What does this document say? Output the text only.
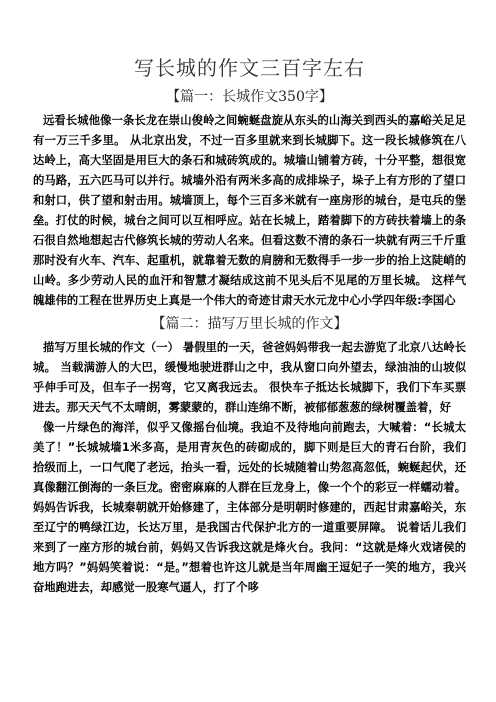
写长城的作文三百字左右
【篇一：长城作文350字】

远看长城他像一条长龙在崇山俊岭之间蜿蜒盘旋从东头的山海关到西头的嘉峪关足足有一万三千多里。 从北京出发，不过一百多里就来到长城脚下。这一段长城修筑在八达岭上，高大坚固是用巨大的条石和城砖筑成的。城墙山铺着方砖，十分平整，想很宽的马路，五六匹马可以并行。城墙外沿有两米多高的成排垛子，垛子上有方形的了望口和射口，供了望和射击用。城墙顶上，每个三百多米就有一座房形的城台，是屯兵的堡垒。打仗的时候，城台之间可以互相呼应。站在长城上，踏着脚下的方砖扶着墙上的条石很自然地想起古代修筑长城的劳动人名来。但看这数不清的条石一块就有两三千斤重那时没有火车、汽车、起重机，就靠着无数的肩膀和无数得手一步一步的抬上这陡峭的山岭。多少劳动人民的血汗和智慧才凝结成这前不见头后不见尾的万里长城。 这样气魄雄伟的工程在世界历史上真是一个伟大的奇迹甘肃天水元龙中心小学四年级:李国心

【篇二：描写万里长城的作文】

描写万里长城的作文（一） 暑假里的一天，爸爸妈妈带我一起去游览了北京八达岭长城。 当载满游人的大巴，缓慢地驶进群山之中，我从窗口向外望去，绿油油的山坡似乎伸手可及，但车子一拐弯，它又离我远去。 很快车子抵达长城脚下，我们下车买票进去。那天天气不太晴朗，雾蒙蒙的，群山连绵不断，被郁郁葱葱的绿树覆盖着，好

像一片绿色的海洋，似乎又像摇台仙境。我迫不及待地向前跑去，大喊着：“长城太美了！”长城城墙1米多高，是用青灰色的砖砌成的，脚下则是巨大的青石台阶，我们拾级而上，一口气爬了老远，抬头一看，远处的长城随着山势忽高忽低，蜿蜒起伏，还真像翻江倒海的一条巨龙。密密麻麻的人群在巨龙身上，像一个个的彩豆一样蠕动着。 妈妈告诉我，长城秦朝就开始修建了，主体部分是明朝时修建的，西起甘肃嘉峪关，东至辽宁的鸭绿江边，长达万里，是我国古代保护北方的一道重要屏障。 说着话儿我们来到了一座方形的城台前，妈妈又告诉我这就是烽火台。我问：“这就是烽火戏诸侯的地方吗？”妈妈笑着说：“是。”想着也许这儿就是当年周幽王逗妃子一笑的地方，我兴奋地跑进去，却感觉一股寒气逼人，打了个哆
